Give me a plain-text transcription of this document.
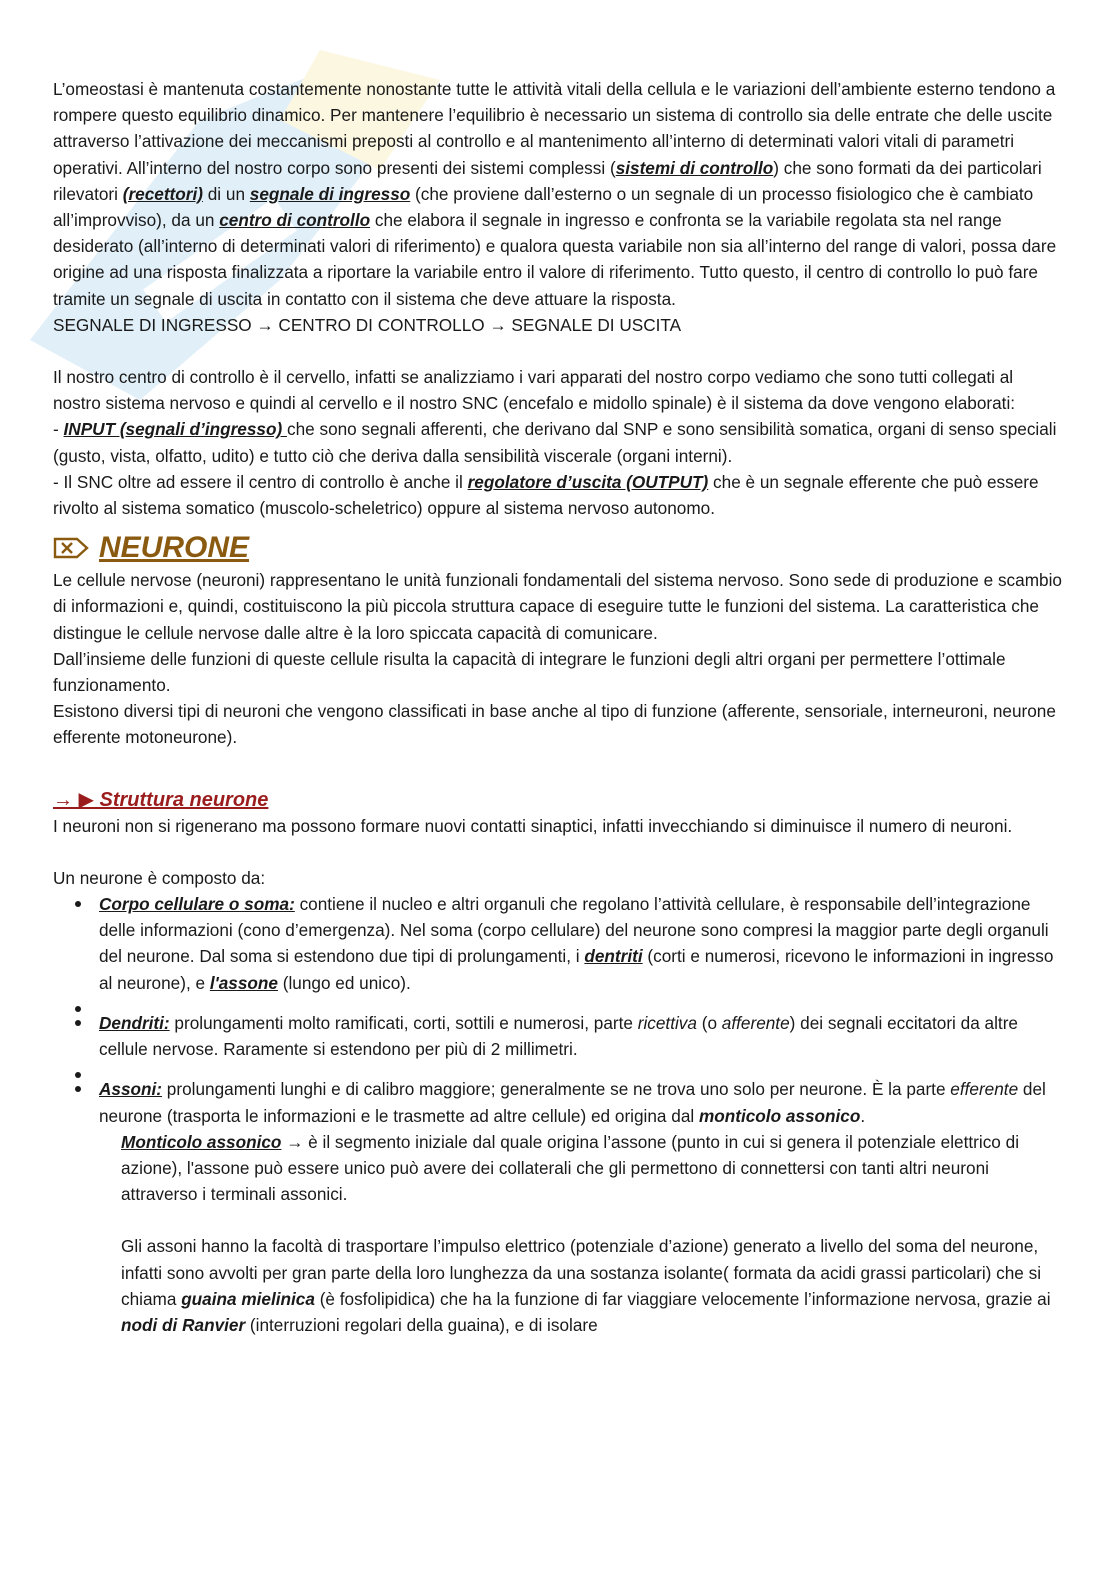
L’omeostasi è mantenuta costantemente nonostante tutte le attività vitali della cellula e le variazioni dell’ambiente esterno tendono a rompere questo equilibrio dinamico. Per mantenere l’equilibrio è necessario un sistema di controllo sia delle entrate che delle uscite attraverso l’attivazione dei meccanismi preposti al controllo e al mantenimento all’interno di determinati valori vitali di parametri operativi. All’interno del nostro corpo sono presenti dei sistemi complessi (sistemi di controllo) che sono formati da dei particolari rilevatori (recettori) di un segnale di ingresso (che proviene dall’esterno o un segnale di un processo fisiologico che è cambiato all’improvviso), da un centro di controllo che elabora il segnale in ingresso e confronta se la variabile regolata sta nel range desiderato (all’interno di determinati valori di riferimento) e qualora questa variabile non sia all’interno del range di valori, possa dare origine ad una risposta finalizzata a riportare la variabile entro il valore di riferimento. Tutto questo, il centro di controllo lo può fare tramite un segnale di uscita in contatto con il sistema che deve attuare la risposta.

SEGNALE DI INGRESSO → CENTRO DI CONTROLLO → SEGNALE DI USCITA

Il nostro centro di controllo è il cervello, infatti se analizziamo i vari apparati del nostro corpo vediamo che sono tutti collegati al nostro sistema nervoso e quindi al cervello e il nostro SNC (encefalo e midollo spinale) è il sistema da dove vengono elaborati:

- INPUT (segnali d’ingresso) che sono segnali afferenti, che derivano dal SNP e sono sensibilità somatica, organi di senso speciali (gusto, vista, olfatto, udito) e tutto ciò che deriva dalla sensibilità viscerale (organi interni).

- Il SNC oltre ad essere il centro di controllo è anche il regolatore d’uscita (OUTPUT) che è un segnale efferente che può essere rivolto al sistema somatico (muscolo-scheletrico) oppure al sistema nervoso autonomo.

NEURONE

Le cellule nervose (neuroni) rappresentano le unità funzionali fondamentali del sistema nervoso. Sono sede di produzione e scambio di informazioni e, quindi, costituiscono la più piccola struttura capace di eseguire tutte le funzioni del sistema. La caratteristica che distingue le cellule nervose dalle altre è la loro spiccata capacità di comunicare.

Dall’insieme delle funzioni di queste cellule risulta la capacità di integrare le funzioni degli altri organi per permettere l’ottimale funzionamento.

Esistono diversi tipi di neuroni che vengono classificati in base anche al tipo di funzione (afferente, sensoriale, interneuroni, neurone efferente motoneurone).

→ ▶ Struttura neurone

I neuroni non si rigenerano ma possono formare nuovi contatti sinaptici, infatti invecchiando si diminuisce il numero di neuroni.

Un neurone è composto da:

Corpo cellulare o soma: contiene il nucleo e altri organuli che regolano l’attività cellulare, è responsabile dell’integrazione delle informazioni (cono d’emergenza). Nel soma (corpo cellulare) del neurone sono compresi la maggior parte degli organuli del neurone. Dal soma si estendono due tipi di prolungamenti, i dentriti (corti e numerosi, ricevono le informazioni in ingresso al neurone), e l'assone (lungo ed unico).
Dendriti: prolungamenti molto ramificati, corti, sottili e numerosi, parte ricettiva (o afferente) dei segnali eccitatori da altre cellule nervose. Raramente si estendono per più di 2 millimetri.
Assoni: prolungamenti lunghi e di calibro maggiore; generalmente se ne trova uno solo per neurone. È la parte efferente del neurone (trasporta le informazioni e le trasmette ad altre cellule) ed origina dal monticolo assonico.

Monticolo assonico → è il segmento iniziale dal quale origina l’assone (punto in cui si genera il potenziale elettrico di azione), l'assone può essere unico può avere dei collaterali che gli permettono di connettersi con tanti altri neuroni attraverso i terminali assonici.

Gli assoni hanno la facoltà di trasportare l’impulso elettrico (potenziale d’azione) generato a livello del soma del neurone, infatti sono avvolti per gran parte della loro lunghezza da una sostanza isolante( formata da acidi grassi particolari) che si chiama guaina mielinica (è fosfolipidica) che ha la funzione di far viaggiare velocemente l’informazione nervosa, grazie ai nodi di Ranvier (interruzioni regolari della guaina), e di isolare
